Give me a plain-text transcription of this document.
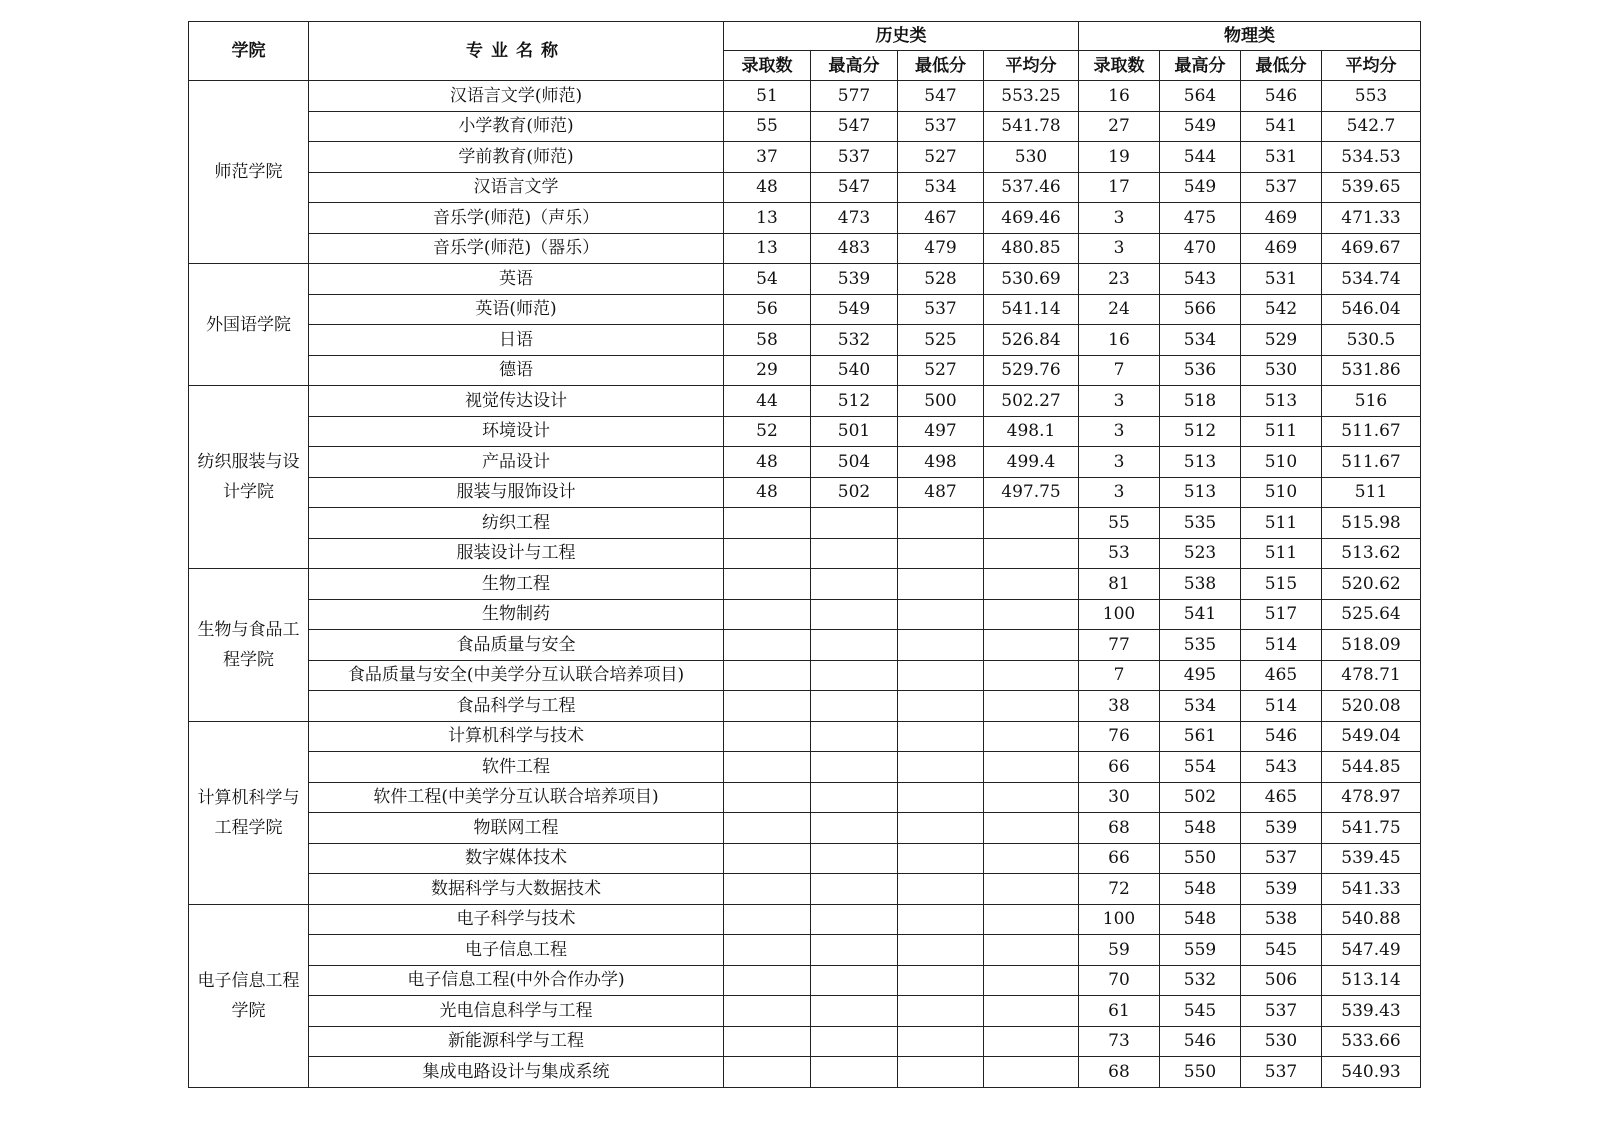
学院	专业名称	历史类				物理类			
		录取数	最高分	最低分	平均分	录取数	最高分	最低分	平均分
师范学院	汉语言文学(师范)	51	577	547	553.25	16	564	546	553
	小学教育(师范)	55	547	537	541.78	27	549	541	542.7
	学前教育(师范)	37	537	527	530	19	544	531	534.53
	汉语言文学	48	547	534	537.46	17	549	537	539.65
	音乐学(师范)（声乐）	13	473	467	469.46	3	475	469	471.33
	音乐学(师范)（器乐）	13	483	479	480.85	3	470	469	469.67
外国语学院	英语	54	539	528	530.69	23	543	531	534.74
	英语(师范)	56	549	537	541.14	24	566	542	546.04
	日语	58	532	525	526.84	16	534	529	530.5
	德语	29	540	527	529.76	7	536	530	531.86
纺织服装与设计学院	视觉传达设计	44	512	500	502.27	3	518	513	516
	环境设计	52	501	497	498.1	3	512	511	511.67
	产品设计	48	504	498	499.4	3	513	510	511.67
	服装与服饰设计	48	502	487	497.75	3	513	510	511
	纺织工程					55	535	511	515.98
	服装设计与工程					53	523	511	513.62
生物与食品工程学院	生物工程					81	538	515	520.62
	生物制药					100	541	517	525.64
	食品质量与安全					77	535	514	518.09
	食品质量与安全(中美学分互认联合培养项目)					7	495	465	478.71
	食品科学与工程					38	534	514	520.08
计算机科学与工程学院	计算机科学与技术					76	561	546	549.04
	软件工程					66	554	543	544.85
	软件工程(中美学分互认联合培养项目)					30	502	465	478.97
	物联网工程					68	548	539	541.75
	数字媒体技术					66	550	537	539.45
	数据科学与大数据技术					72	548	539	541.33
电子信息工程学院	电子科学与技术					100	548	538	540.88
	电子信息工程					59	559	545	547.49
	电子信息工程(中外合作办学)					70	532	506	513.14
	光电信息科学与工程					61	545	537	539.43
	新能源科学与工程					73	546	530	533.66
	集成电路设计与集成系统					68	550	537	540.93
